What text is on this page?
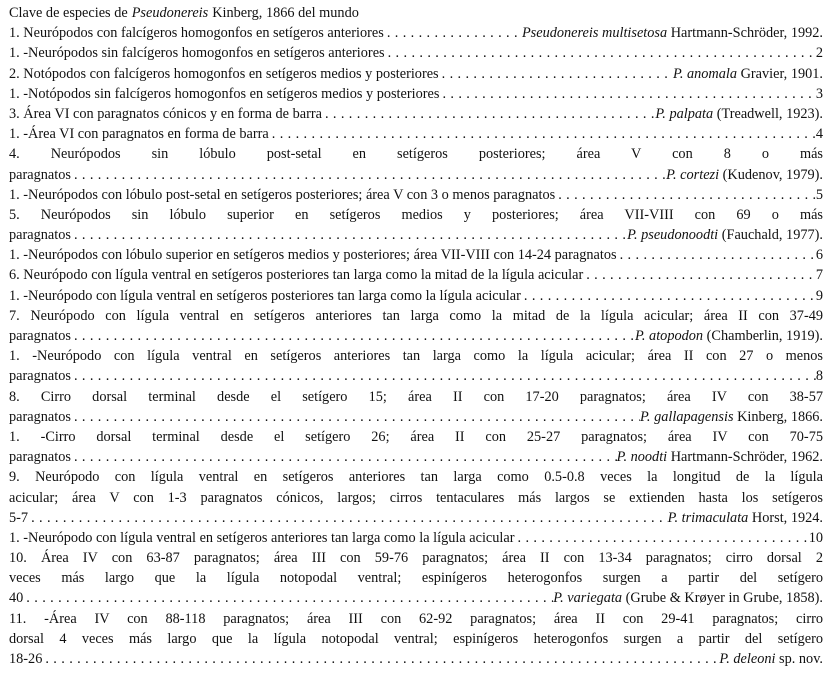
Clave de especies de Pseudonereis Kinberg, 1866 del mundo
1. Neurópodos con falcígeros homogonfos en setígeros anteriores . . .	Pseudonereis multisetosa Hartmann-Schröder, 1992.
1. -Neurópodos sin falcígeros homogonfos en setígeros anteriores . . .	2
2. Notópodos con falcígeros homogonfos en setígeros medios y posteriores . . .	P. anomala Gravier, 1901.
1. -Notópodos sin falcígeros homogonfos en setígeros medios y posteriores . . .	3
3. Área VI con paragnatos cónicos y en forma de barra . . .	P. palpata (Treadwell, 1923).
1. -Área VI con paragnatos en forma de barra . . .	4
4. Neurópodos sin lóbulo post-setal en setígeros posteriores; área V con 8 o más
paragnatos . . .	P. cortezi (Kudenov, 1979).
1. -Neurópodos con lóbulo post-setal en setígeros posteriores; área V con 3 o menos paragnatos . . .	5
5. Neurópodos sin lóbulo superior en setígeros medios y posteriores; área VII-VIII con 69 o más
paragnatos . . .	P. pseudonoodti (Fauchald, 1977).
1. -Neurópodos con lóbulo superior en setígeros medios y posteriores; área VII-VIII con 14-24 paragnatos . . .	6
6. Neurópodo con lígula ventral en setígeros posteriores tan larga como la mitad de la lígula acicular . . .	7
1. -Neurópodo con lígula ventral en setígeros posteriores tan larga como la lígula acicular . . .	9
7. Neurópodo con lígula ventral en setígeros anteriores tan larga como la mitad de la lígula acicular; área II con 37-49
paragnatos . . .	P. atopodon (Chamberlin, 1919).
1. -Neurópodo con lígula ventral en setígeros anteriores tan larga como la lígula acicular; área II con 27 o menos
paragnatos . . .	8
8. Cirro dorsal terminal desde el setígero 15; área II con 17-20 paragnatos; área IV con 38-57
paragnatos . . .	P. gallapagensis Kinberg, 1866.
1. -Cirro dorsal terminal desde el setígero 26; área II con 25-27 paragnatos; área IV con 70-75
paragnatos . . .	P. noodti Hartmann-Schröder, 1962.
9. Neurópodo con lígula ventral en setígeros anteriores tan larga como 0.5-0.8 veces la longitud de la lígula
acicular; área V con 1-3 paragnatos cónicos, largos; cirros tentaculares más largos se extienden hasta los setígeros
5-7 . . .	P. trimaculata Horst, 1924.
1. -Neurópodo con lígula ventral en setígeros anteriores tan larga como la lígula acicular . . .	10
10. Área IV con 63-87 paragnatos; área III con 59-76 paragnatos; área II con 13-34 paragnatos; cirro dorsal 2
veces más largo que la lígula notopodal ventral; espinígeros heterogonfos surgen a partir del setígero
40 . . .	P. variegata (Grube & Krøyer in Grube, 1858).
11. -Área IV con 88-118 paragnatos; área III con 62-92 paragnatos; área II con 29-41 paragnatos; cirro
dorsal 4 veces más largo que la lígula notopodal ventral; espinígeros heterogonfos surgen a partir del setígero
18-26 . . .	P. deleoni sp. nov.
